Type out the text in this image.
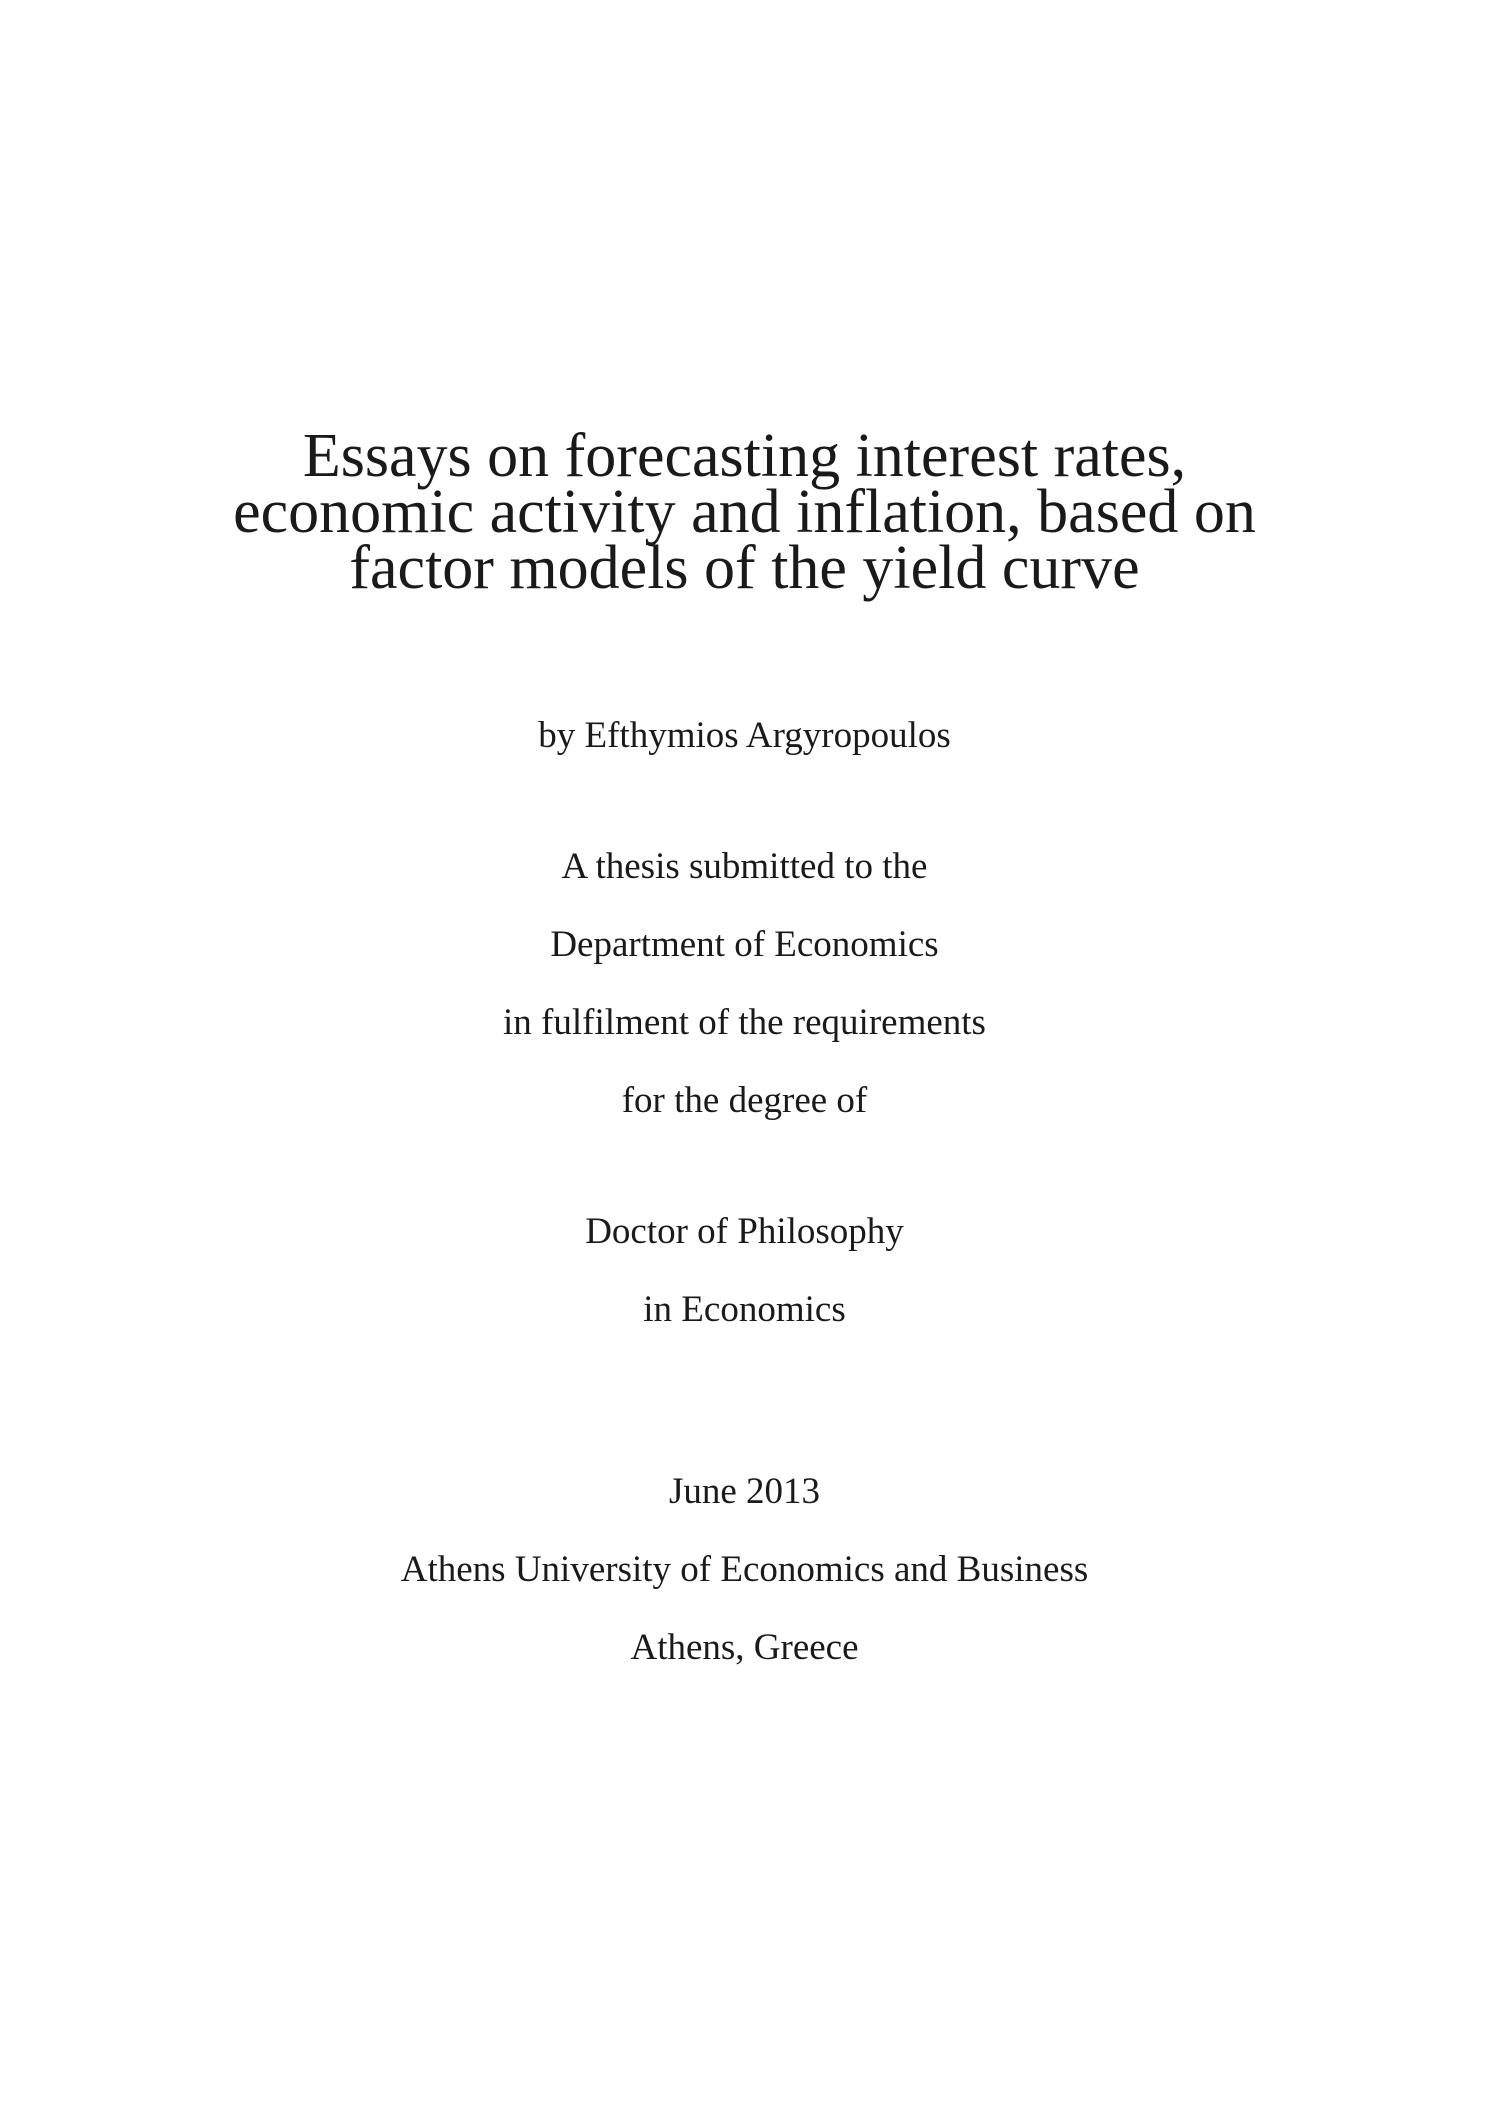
Essays on forecasting interest rates,
economic activity and inflation, based on
factor models of the yield curve

by Efthymios Argyropoulos

A thesis submitted to the

Department of Economics

in fulfilment of the requirements

for the degree of

Doctor of Philosophy

in Economics

June 2013

Athens University of Economics and Business

Athens, Greece
